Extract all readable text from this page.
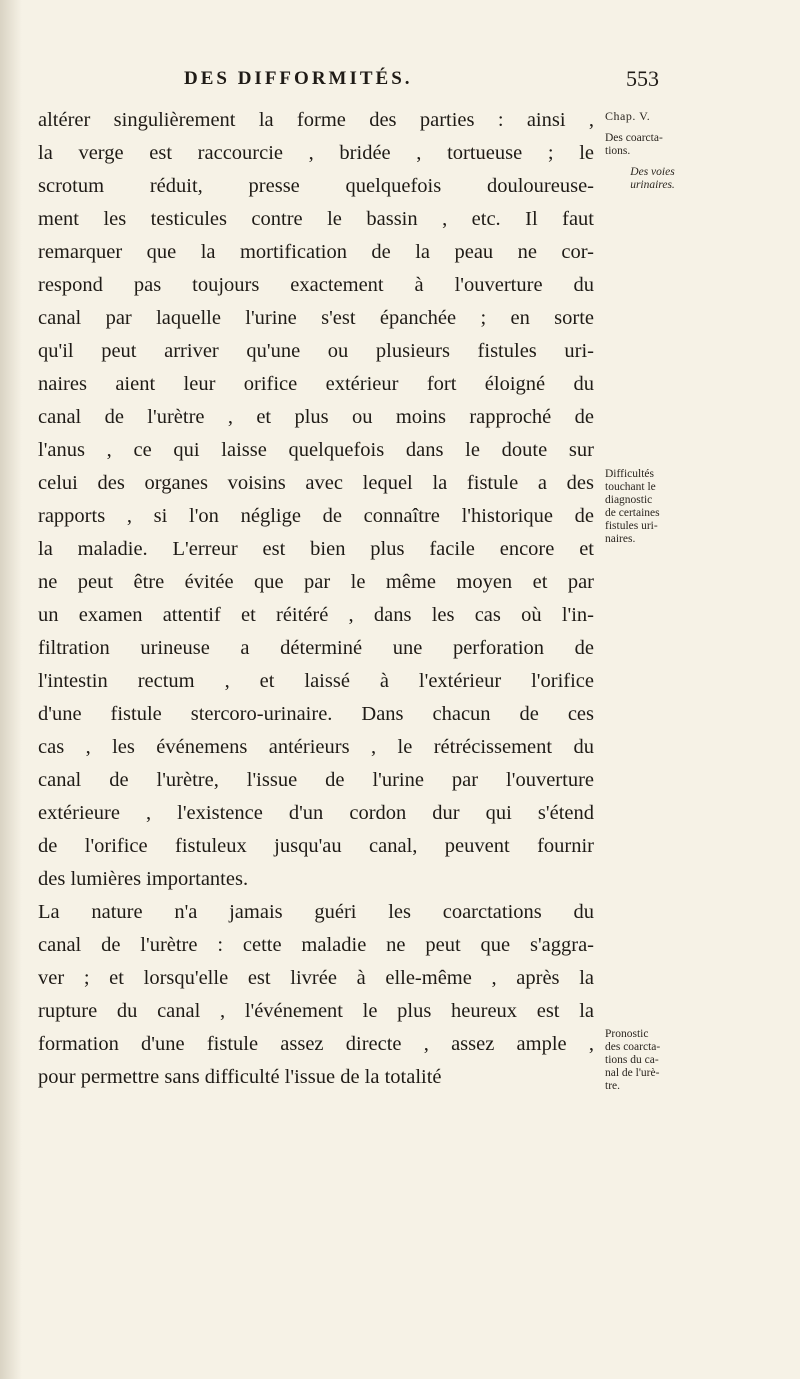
DES DIFFORMITÉS.	553
altérer singulièrement la forme des parties : ainsi ,
la verge est raccourcie , bridée , tortueuse ; le
scrotum réduit, presse quelquefois douloureuse-
ment les testicules contre le bassin , etc. Il faut
remarquer que la mortification de la peau ne cor-
respond pas toujours exactement à l'ouverture du
canal par laquelle l'urine s'est épanchée ; en sorte
qu'il peut arriver qu'une ou plusieurs fistules uri-
naires aient leur orifice extérieur fort éloigné du
canal de l'urètre , et plus ou moins rapproché de
l'anus , ce qui laisse quelquefois dans le doute sur
celui des organes voisins avec lequel la fistule a des
rapports , si l'on néglige de connaître l'historique de
la maladie. L'erreur est bien plus facile encore et
ne peut être évitée que par le même moyen et par
un examen attentif et réitéré , dans les cas où l'in-
filtration urineuse a déterminé une perforation de
l'intestin rectum , et laissé à l'extérieur l'orifice
d'une fistule stercoro-urinaire. Dans chacun de ces
cas , les événemens antérieurs , le rétrécissement du
canal de l'urètre, l'issue de l'urine par l'ouverture
extérieure , l'existence d'un cordon dur qui s'étend
de l'orifice fistuleux jusqu'au canal, peuvent fournir
des lumières importantes.
La nature n'a jamais guéri les coarctations du
canal de l'urètre : cette maladie ne peut que s'aggra-
ver ; et lorsqu'elle est livrée à elle-même , après la
rupture du canal , l'événement le plus heureux est la
formation d'une fistule assez directe , assez ample ,
pour permettre sans difficulté l'issue de la totalité
Chap. V.
Des coarcta-
tions.
Des voies
urinaires.
Difficultés
touchant le
diagnostic
de certaines
fistules uri-
naires.
Pronostic
des coarcta-
tions du ca-
nal de l'urè-
tre.
